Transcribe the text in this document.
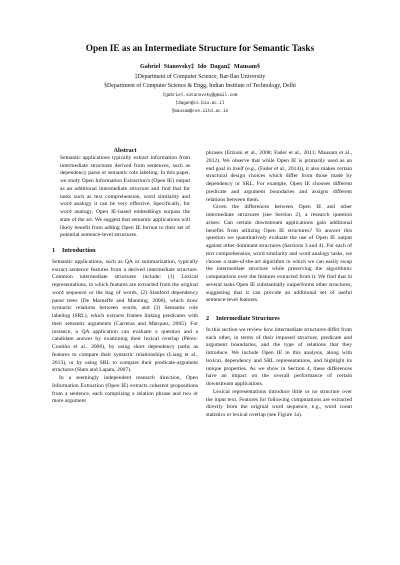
Open IE as an Intermediate Structure for Semantic Tasks
Gabriel Stanovsky‡ Ido Dagan‡ Mausam§
‡Department of Computer Science, Bar-Ilan University
§Department of Computer Science & Engg, Indian Institute of Technology, Delhi
‡gabriel.satanovsky@gmail.com
‡dagan@cs.biu.ac.il
§mausam@cse.iitd.ac.in

Abstract

Semantic applications typically extract information from intermediate structures derived from sentences, such as dependency parse or semantic role labeling. In this paper, we study Open Information Extraction's (Open IE) output as an additional intermediate structure and find that for tasks such as text comprehension, word similarity and word analogy it can be very effective. Specifically, for word analogy, Open IE-based embeddings surpass the state of the art. We suggest that semantic applications will likely benefit from adding Open IE format to their set of potential sentence-level structures.

1 Introduction

Semantic applications, such as QA or summarization, typically extract sentence features from a derived intermediate structure. Common intermediate structures include: (1) Lexical representations, in which features are extracted from the original word sequence or the bag of words, (2) Stanford dependency parse trees (De Marneffe and Manning, 2008), which draw syntactic relations between words, and (3) Semantic role labeling (SRL), which extracts frames linking predicates with their semantic arguments (Carreras and Màrquez, 2005). For instance, a QA application can evaluate a question and a candidate answer by examining their lexical overlap (Pérez-Coutiño et al., 2006), by using short dependency paths as features to compare their syntactic relationships (Liang et al., 2013), or by using SRL to compare their predicate-argument structures (Shen and Lapata, 2007).

In a seemingly independent research direction, Open Information Extraction (Open IE) extracts coherent propositions from a sentence, each comprising a relation phrase and two or more argument

phrases (Etzioni et al., 2008; Fader et al., 2011; Mausam et al., 2012). We observe that while Open IE is primarily used as an end goal in itself (e.g., (Fader et al., 2014)), it also makes certain structural design choices which differ from those made by dependency or SRL. For example, Open IE chooses different predicate and argument boundaries and assigns different relations between them.

Given the differences between Open IE and other intermediate structures (see Section 2), a research question arises: Can certain downstream applications gain additional benefits from utilizing Open IE structures? To answer this question we quantitatively evaluate the use of Open IE output against other dominant structures (Sections 3 and 4). For each of text comprehension, word similarity and word analogy tasks, we choose a state-of-the-art algorithm in which we can easily swap the intermediate structure while preserving the algorithmic computations over the features extracted from it. We find that in several tasks Open IE substantially outperforms other structures, suggesting that it can provide an additional set of useful sentence-level features.

2 Intermediate Structures

In this section we review how intermediate structures differ from each other, in terms of their imposed structure, predicate and argument boundaries, and the type of relations that they introduce. We include Open IE in this analysis, along with lexical, dependency and SRL representations, and highlight its unique properties. As we show in Section 4, these differences have an impact on the overall performance of certain downstream applications.

Lexical representations introduce little or no structure over the input text. Features for following computations are extracted directly from the original word sequence, e.g., word count statistics or lexical overlap (see Figure 1a).
